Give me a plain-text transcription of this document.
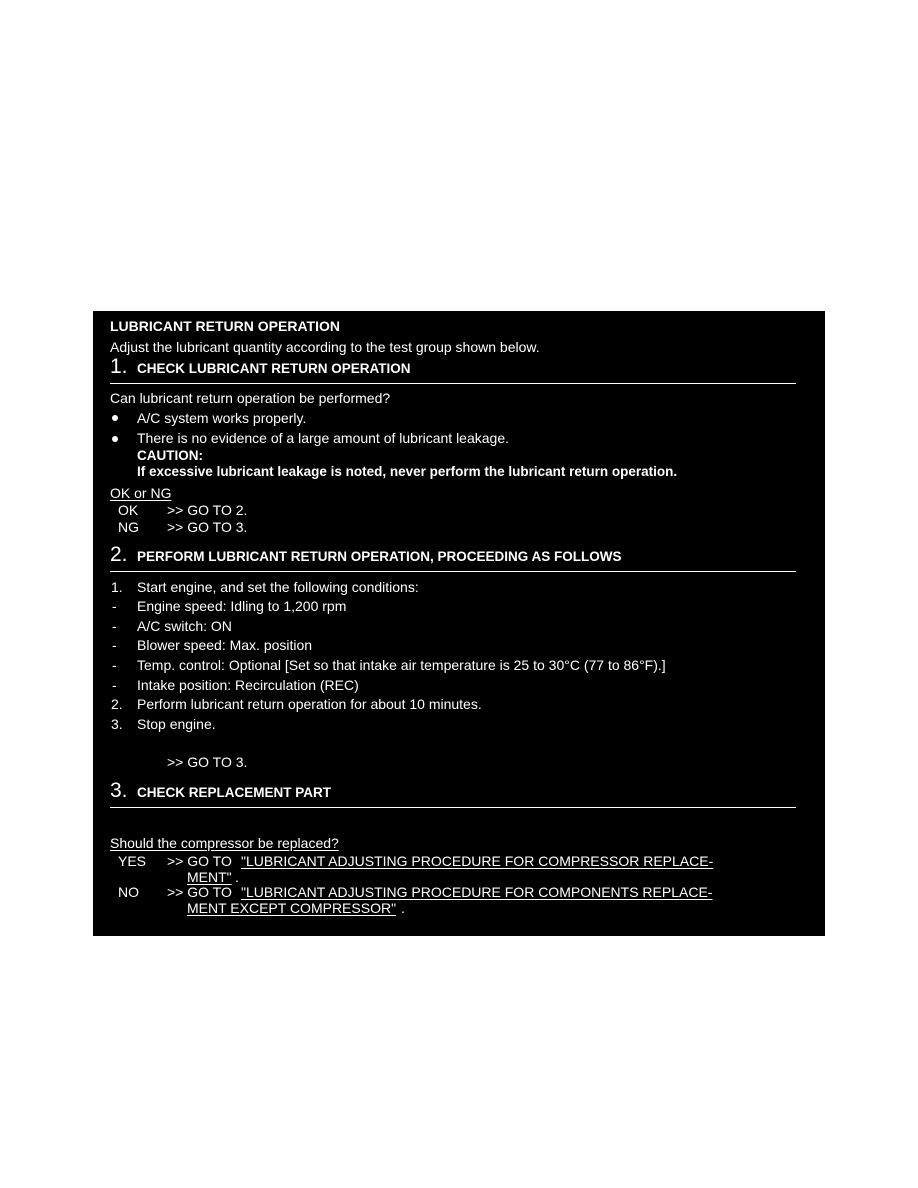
LUBRICANT RETURN OPERATION
Adjust the lubricant quantity according to the test group shown below.
1. CHECK LUBRICANT RETURN OPERATION
Can lubricant return operation be performed?
A/C system works properly.
There is no evidence of a large amount of lubricant leakage.
CAUTION:
If excessive lubricant leakage is noted, never perform the lubricant return operation.
OK or NG
OK >> GO TO 2.
NG >> GO TO 3.
2. PERFORM LUBRICANT RETURN OPERATION, PROCEEDING AS FOLLOWS
1. Start engine, and set the following conditions:
- Engine speed: Idling to 1,200 rpm
- A/C switch: ON
- Blower speed: Max. position
- Temp. control: Optional [Set so that intake air temperature is 25 to 30°C (77 to 86°F).]
- Intake position: Recirculation (REC)
2. Perform lubricant return operation for about 10 minutes.
3. Stop engine.
>> GO TO 3.
3. CHECK REPLACEMENT PART
Should the compressor be replaced?
YES >> GO TO "LUBRICANT ADJUSTING PROCEDURE FOR COMPRESSOR REPLACE-
MENT" .
NO >> GO TO "LUBRICANT ADJUSTING PROCEDURE FOR COMPONENTS REPLACE-
MENT EXCEPT COMPRESSOR" .
